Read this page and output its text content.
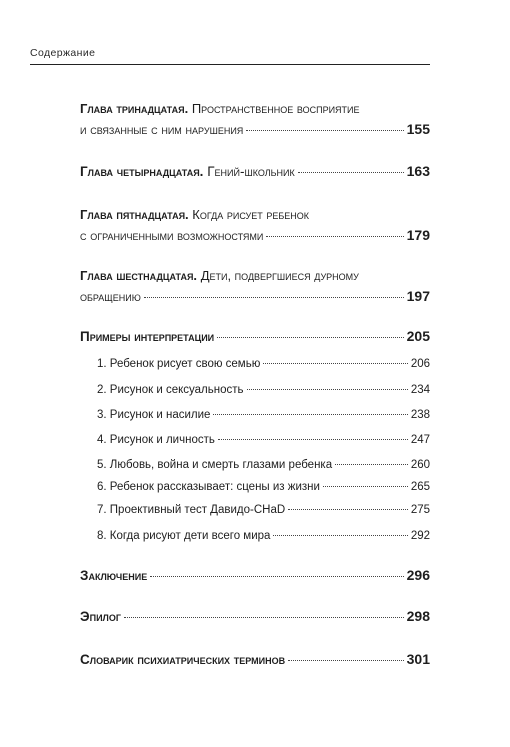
Содержание
Глава тринадцатая.
Пространственное восприятие
и связанные с ним нарушения	155
Глава четырнадцатая.
Гений-школьник	163
Глава пятнадцатая.
Когда рисует ребенок
с ограниченными возможностями	179
Глава шестнадцатая.
Дети, подвергшиеся дурному
обращению	197
Примеры интерпретации	205
1. Ребенок рисует свою семью	206
2. Рисунок и сексуальность	234
3. Рисунок и насилие	238
4. Рисунок и личность	247
5. Любовь, война и смерть глазами ребенка	260
6. Ребенок рассказывает: сцены из жизни	265
7. Проективный тест Давидо-CHaD	275
8. Когда рисуют дети всего мира	292
Заключение	296
Эпилог	298
Словарик психиатрических терминов	301
